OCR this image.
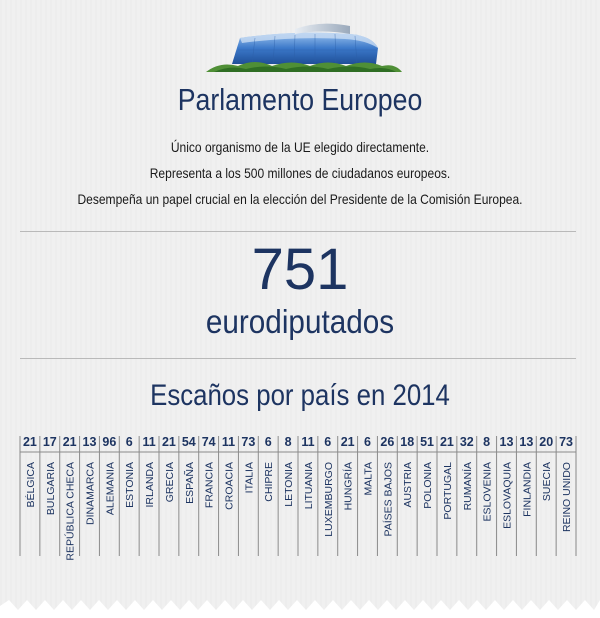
Parlamento Europeo
Único organismo de la UE elegido directamente.
Representa a los 500 millones de ciudadanos europeos.
Desempeña un papel crucial en la elección del Presidente de la Comisión Europea.
751
eurodiputados
Escaños por país en 2014
21
BÉLGICA
17
BULGARIA
21
REPÚBLICA CHECA
13
DINAMARCA
96
ALEMANIA
6
ESTONIA
11
IRLANDA
21
GRECIA
54
ESPAÑA
74
FRANCIA
11
CROACIA
73
ITALIA
6
CHIPRE
8
LETONIA
11
LITUANIA
6
LUXEMBURGO
21
HUNGRÍA
6
MALTA
26
PAÍSES BAJOS
18
AUSTRIA
51
POLONIA
21
PORTUGAL
32
RUMANÍA
8
ESLOVENIA
13
ESLOVAQUIA
13
FINLANDIA
20
SUECIA
73
REINO UNIDO
